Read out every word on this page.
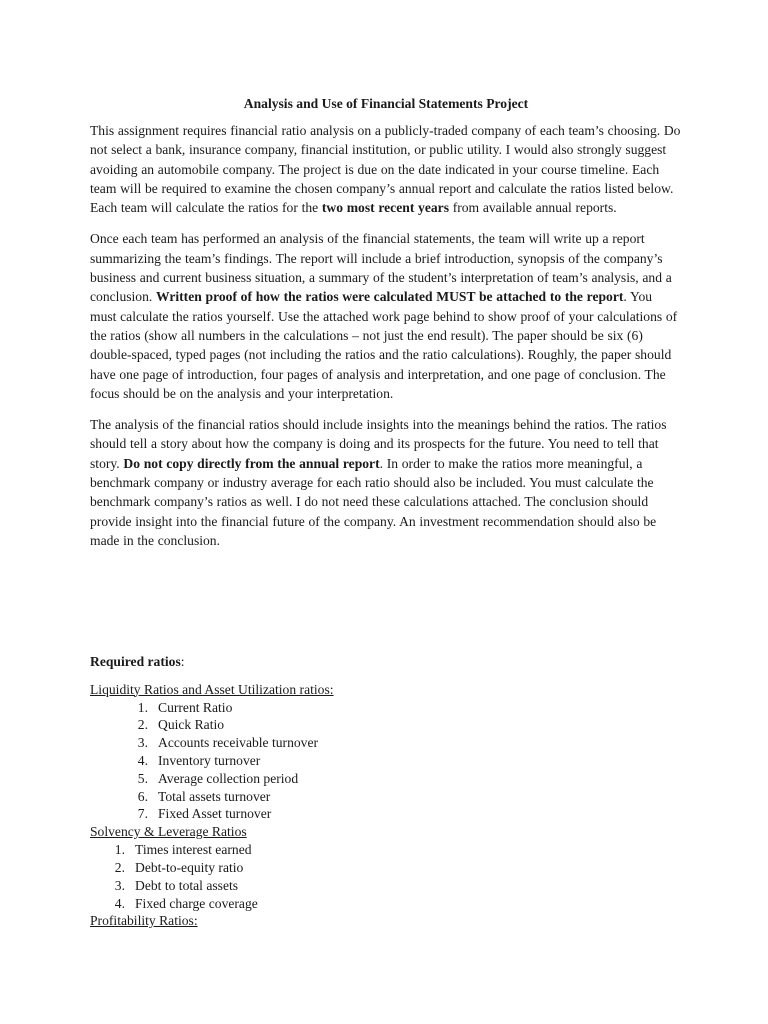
Analysis and Use of Financial Statements Project

This assignment requires financial ratio analysis on a publicly-traded company of each team’s choosing. Do not select a bank, insurance company, financial institution, or public utility. I would also strongly suggest avoiding an automobile company. The project is due on the date indicated in your course timeline. Each team will be required to examine the chosen company’s annual report and calculate the ratios listed below. Each team will calculate the ratios for the two most recent years from available annual reports.

Once each team has performed an analysis of the financial statements, the team will write up a report summarizing the team’s findings. The report will include a brief introduction, synopsis of the company’s business and current business situation, a summary of the student’s interpretation of team’s analysis, and a conclusion. Written proof of how the ratios were calculated MUST be attached to the report. You must calculate the ratios yourself. Use the attached work page behind to show proof of your calculations of the ratios (show all numbers in the calculations – not just the end result). The paper should be six (6) double-spaced, typed pages (not including the ratios and the ratio calculations). Roughly, the paper should have one page of introduction, four pages of analysis and interpretation, and one page of conclusion. The focus should be on the analysis and your interpretation.

The analysis of the financial ratios should include insights into the meanings behind the ratios. The ratios should tell a story about how the company is doing and its prospects for the future. You need to tell that story. Do not copy directly from the annual report. In order to make the ratios more meaningful, a benchmark company or industry average for each ratio should also be included. You must calculate the benchmark company’s ratios as well. I do not need these calculations attached. The conclusion should provide insight into the financial future of the company. An investment recommendation should also be made in the conclusion.

Required ratios:
Liquidity Ratios and Asset Utilization ratios:
1. Current Ratio
2. Quick Ratio
3. Accounts receivable turnover
4. Inventory turnover
5. Average collection period
6. Total assets turnover
7. Fixed Asset turnover
Solvency & Leverage Ratios
1. Times interest earned
2. Debt-to-equity ratio
3. Debt to total assets
4. Fixed charge coverage
Profitability Ratios:
